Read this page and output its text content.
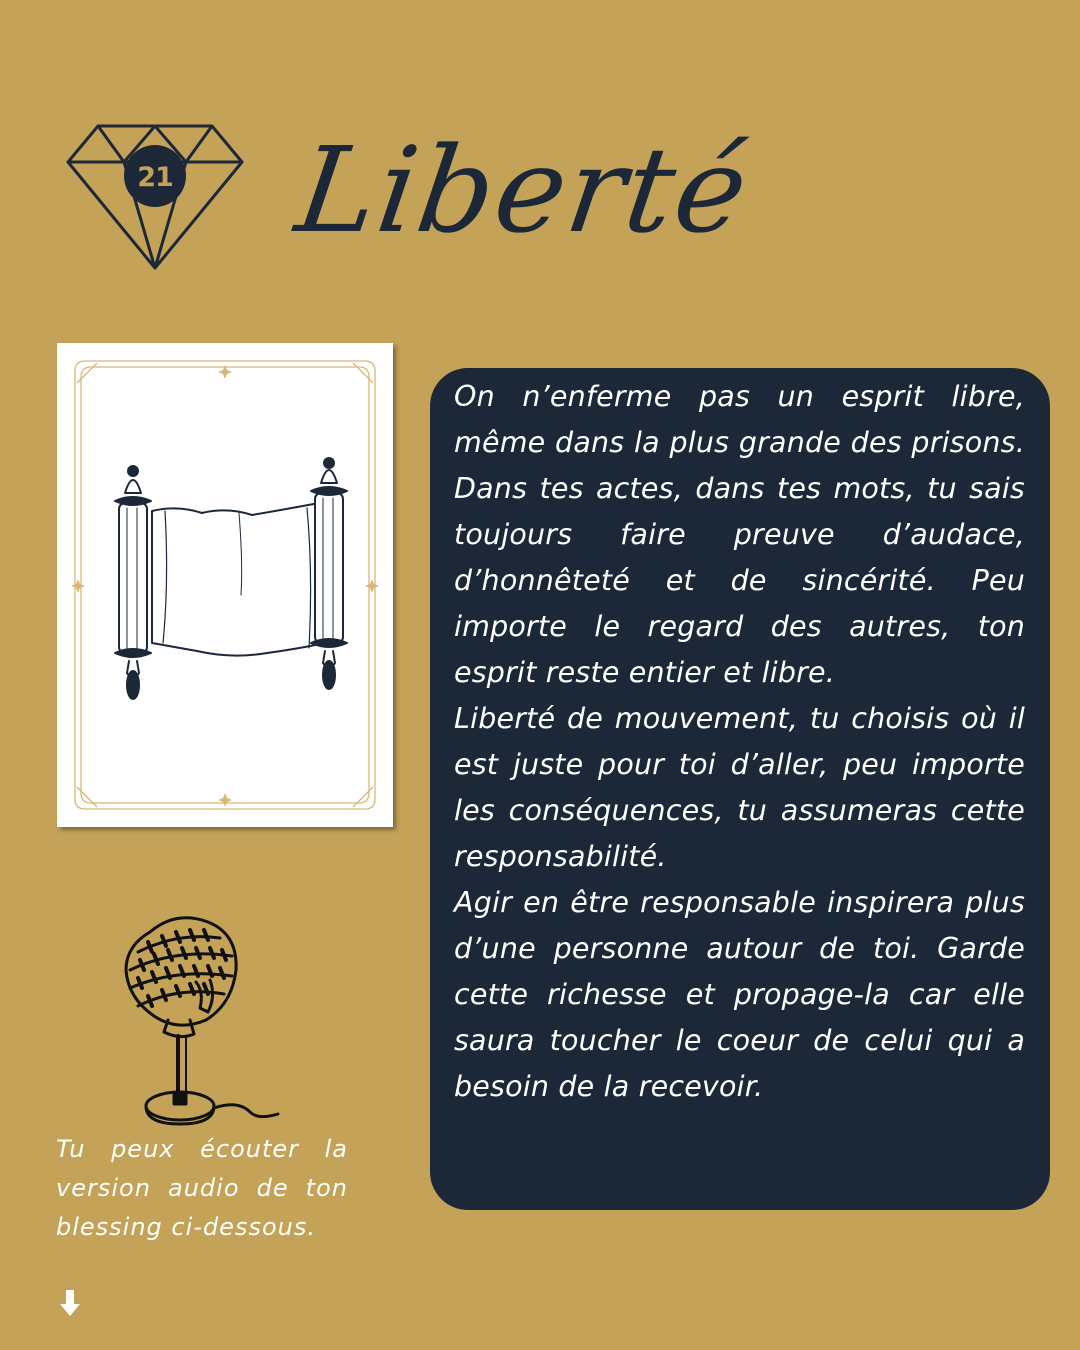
21 Liberté

On n’enferme pas un esprit libre, même dans la plus grande des prisons. Dans tes actes, dans tes mots, tu sais toujours faire preuve d’audace, d’honnêteté et de sincérité. Peu importe le regard des autres, ton esprit reste entier et libre.

Liberté de mouvement, tu choisis où il est juste pour toi d’aller, peu importe les conséquences, tu assumeras cette responsabilité.

Agir en être responsable inspirera plus d’une personne autour de toi. Garde cette richesse et propage-la car elle saura toucher le coeur de celui qui a besoin de la recevoir.

Tu peux écouter la version audio de ton blessing ci-dessous.
